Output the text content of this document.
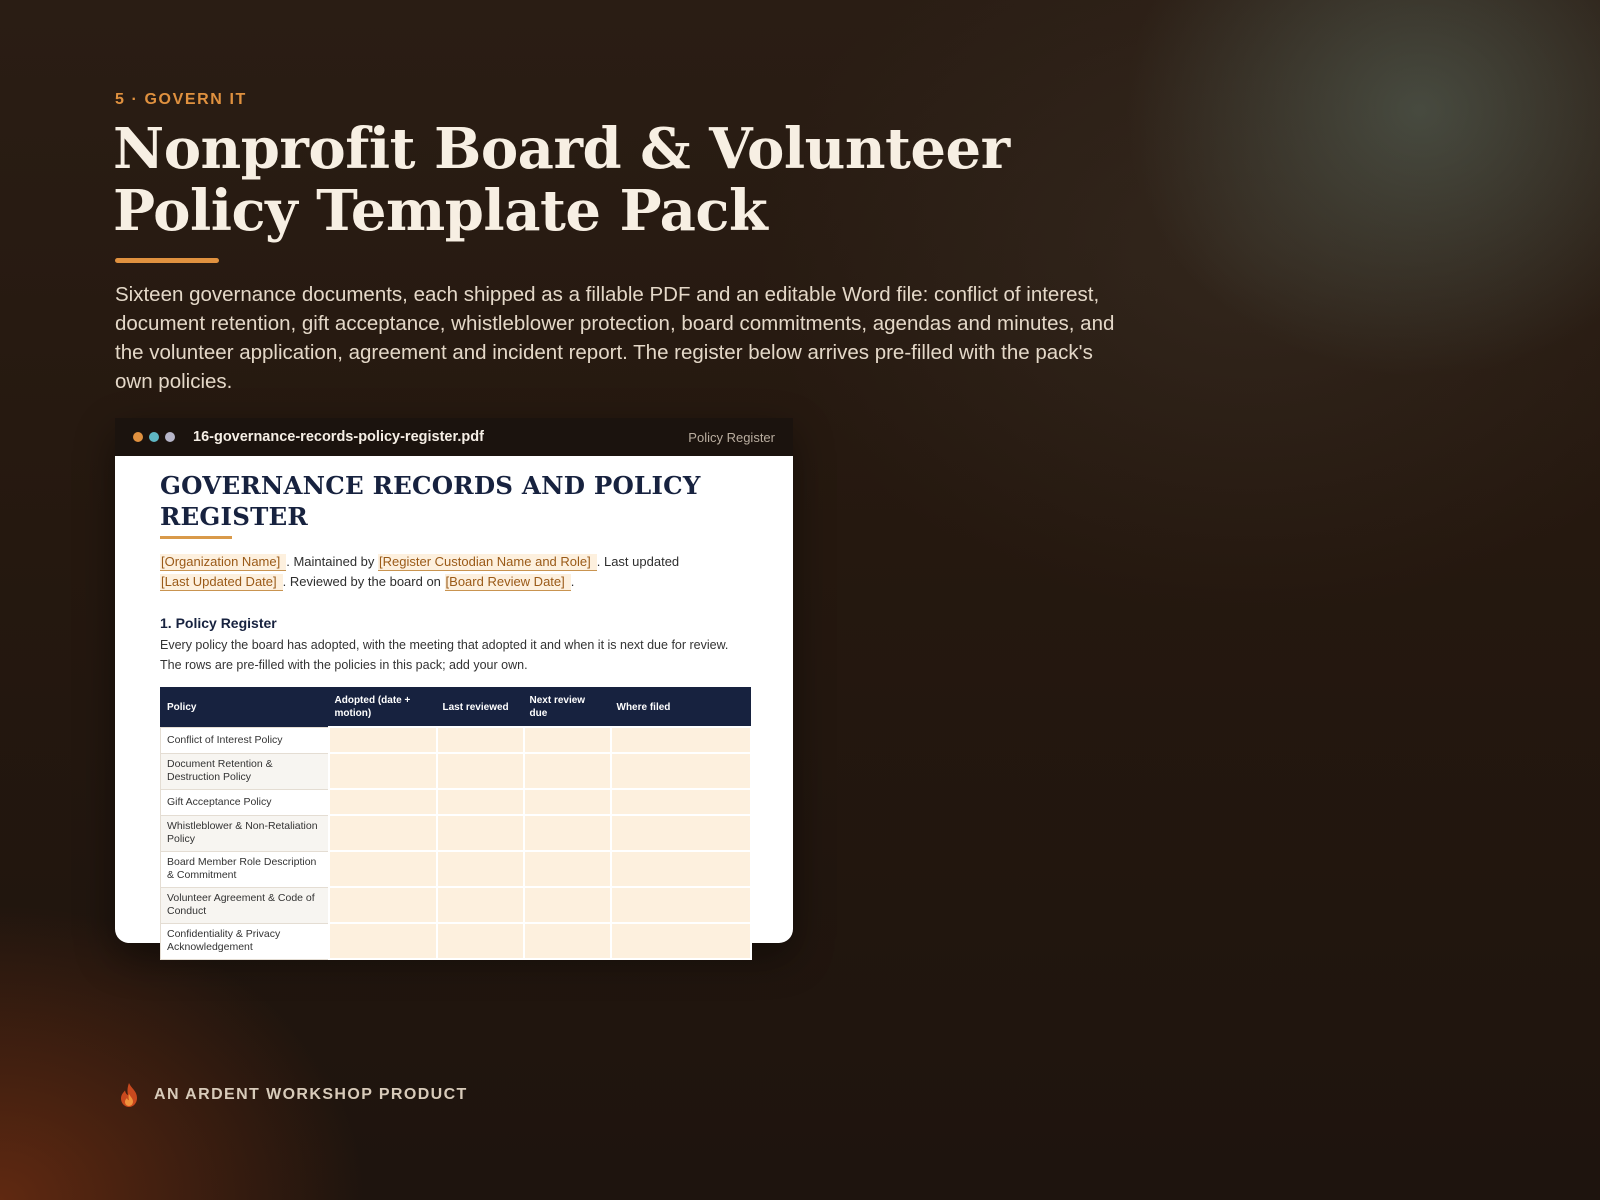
5 · GOVERN IT
Nonprofit Board & Volunteer Policy Template Pack

Sixteen governance documents, each shipped as a fillable PDF and an editable Word file: conflict of interest, document retention, gift acceptance, whistleblower protection, board commitments, agendas and minutes, and the volunteer application, agreement and incident report. The register below arrives pre-filled with the pack's own policies.

16-governance-records-policy-register.pdf	Policy Register
GOVERNANCE RECORDS AND POLICY REGISTER

[Organization Name] . Maintained by [Register Custodian Name and Role] . Last updated
[Last Updated Date] . Reviewed by the board on [Board Review Date] .

1. Policy Register

Every policy the board has adopted, with the meeting that adopted it and when it is next due for review. The rows are pre-filled with the policies in this pack; add your own.

Policy	Adopted (date + motion)	Last reviewed	Next review due	Where filed
Conflict of Interest Policy				
Document Retention & Destruction Policy				
Gift Acceptance Policy				
Whistleblower & Non-Retaliation Policy				
Board Member Role Description & Commitment				
Volunteer Agreement & Code of Conduct				
Confidentiality & Privacy Acknowledgement				
AN ARDENT WORKSHOP PRODUCT
